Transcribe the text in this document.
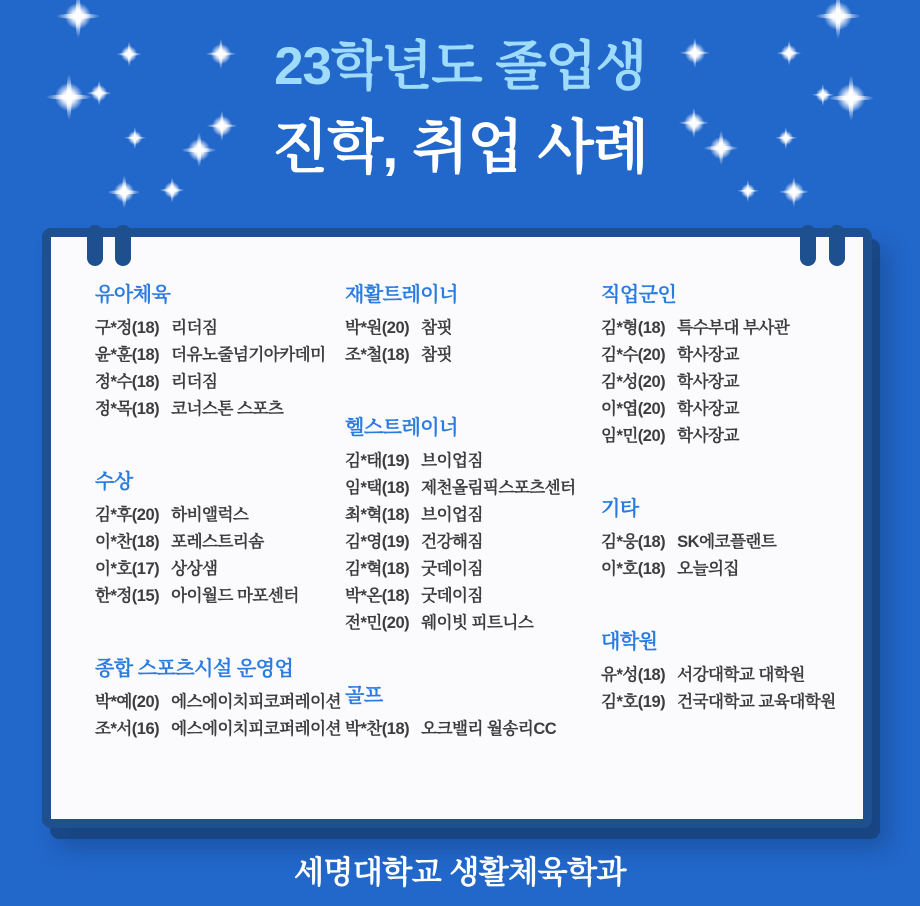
23학년도 졸업생
진학, 취업 사례
유아체육
구*정(18) 리더짐
윤*훈(18) 더유노줄넘기아카데미
정*수(18) 리더짐
정*목(18) 코너스톤 스포츠
수상
김*후(20) 하비앨럭스
이*찬(18) 포레스트리솜
이*호(17) 상상샘
한*정(15) 아이월드 마포센터
종합 스포츠시설 운영업
박*예(20) 에스에이치피코퍼레이션
조*서(16) 에스에이치피코퍼레이션
재활트레이너
박*원(20) 참핏
조*철(18) 참핏
헬스트레이너
김*태(19) 브이업짐
임*택(18) 제천올림픽스포츠센터
최*혁(18) 브이업짐
김*영(19) 건강해짐
김*혁(18) 굿데이짐
박*온(18) 굿데이짐
전*민(20) 웨이빗 피트니스
골프
박*찬(18) 오크밸리 월송리CC
직업군인
김*형(18) 특수부대 부사관
김*수(20) 학사장교
김*성(20) 학사장교
이*엽(20) 학사장교
임*민(20) 학사장교
기타
김*웅(18) SK에코플랜트
이*호(18) 오늘의집
대학원
유*성(18) 서강대학교 대학원
김*호(19) 건국대학교 교육대학원
세명대학교 생활체육학과
